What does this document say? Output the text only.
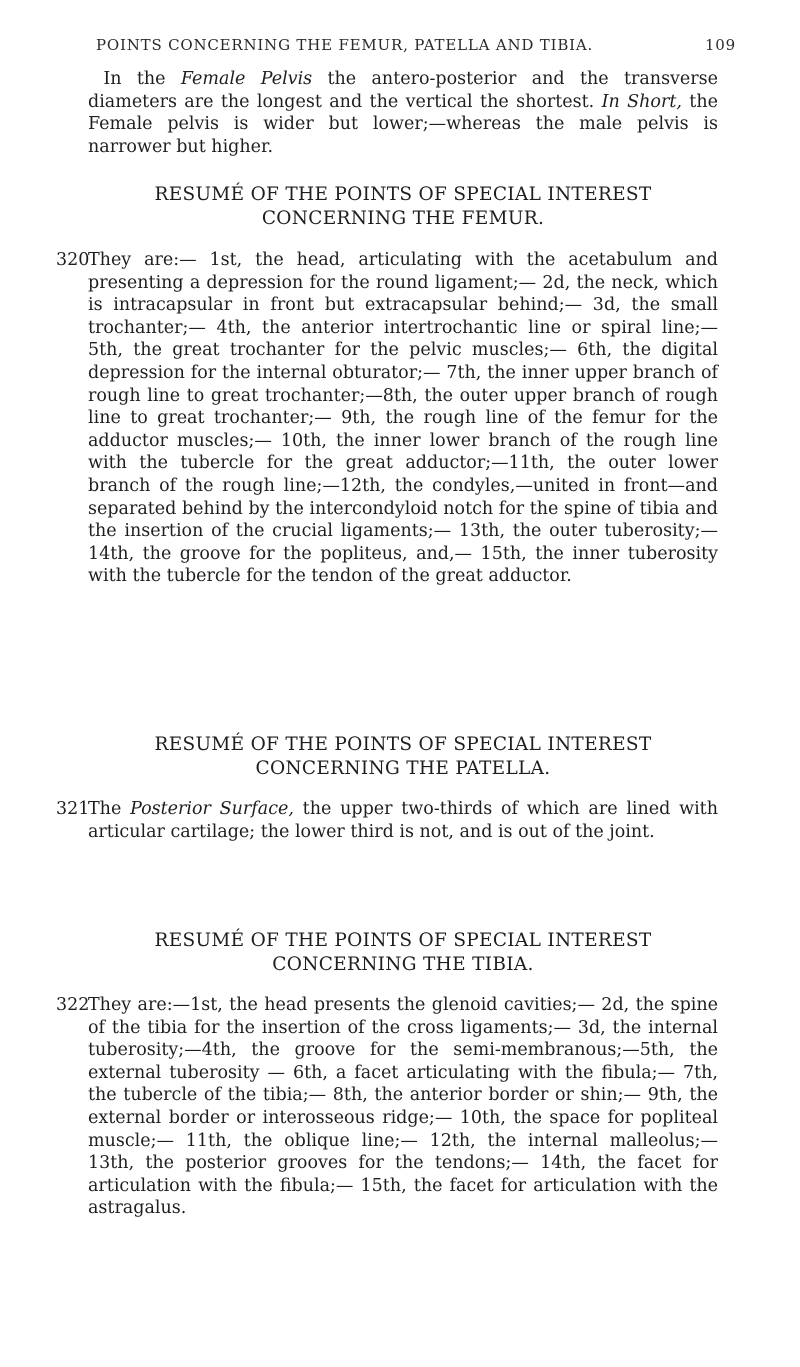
POINTS CONCERNING THE FEMUR, PATELLA AND TIBIA.	109

In the Female Pelvis the antero-posterior and the transverse diameters are the longest and the vertical the shortest. In Short, the Female pelvis is wider but lower;—whereas the male pelvis is narrower but higher.

RESUMÉ OF THE POINTS OF SPECIAL INTEREST
CONCERNING THE FEMUR.
320

They are:— 1st, the head, articulating with the acetabulum and presenting a depression for the round ligament;— 2d, the neck, which is intracapsular in front but extracapsular behind;— 3d, the small trochanter;— 4th, the anterior intertrochantic line or spiral line;— 5th, the great trochanter for the pelvic muscles;— 6th, the digital depression for the internal obturator;— 7th, the inner upper branch of rough line to great trochanter;—8th, the outer upper branch of rough line to great trochanter;— 9th, the rough line of the femur for the adductor muscles;— 10th, the inner lower branch of the rough line with the tubercle for the great adductor;—11th, the outer lower branch of the rough line;—12th, the condyles,—united in front—and separated behind by the intercondyloid notch for the spine of tibia and the insertion of the crucial ligaments;— 13th, the outer tuberosity;— 14th, the groove for the popliteus, and,— 15th, the inner tuberosity with the tubercle for the tendon of the great adductor.

RESUMÉ OF THE POINTS OF SPECIAL INTEREST
CONCERNING THE PATELLA.
321

The Posterior Surface, the upper two-thirds of which are lined with articular cartilage; the lower third is not, and is out of the joint.

RESUMÉ OF THE POINTS OF SPECIAL INTEREST
CONCERNING THE TIBIA.
322

They are:—1st, the head presents the glenoid cavities;— 2d, the spine of the tibia for the insertion of the cross ligaments;— 3d, the internal tuberosity;—4th, the groove for the semi-membranous;—5th, the external tuberosity — 6th, a facet articulating with the fibula;— 7th, the tubercle of the tibia;— 8th, the anterior border or shin;— 9th, the external border or interosseous ridge;— 10th, the space for popliteal muscle;— 11th, the oblique line;— 12th, the internal malleolus;— 13th, the posterior grooves for the tendons;— 14th, the facet for articulation with the fibula;— 15th, the facet for articulation with the astragalus.
